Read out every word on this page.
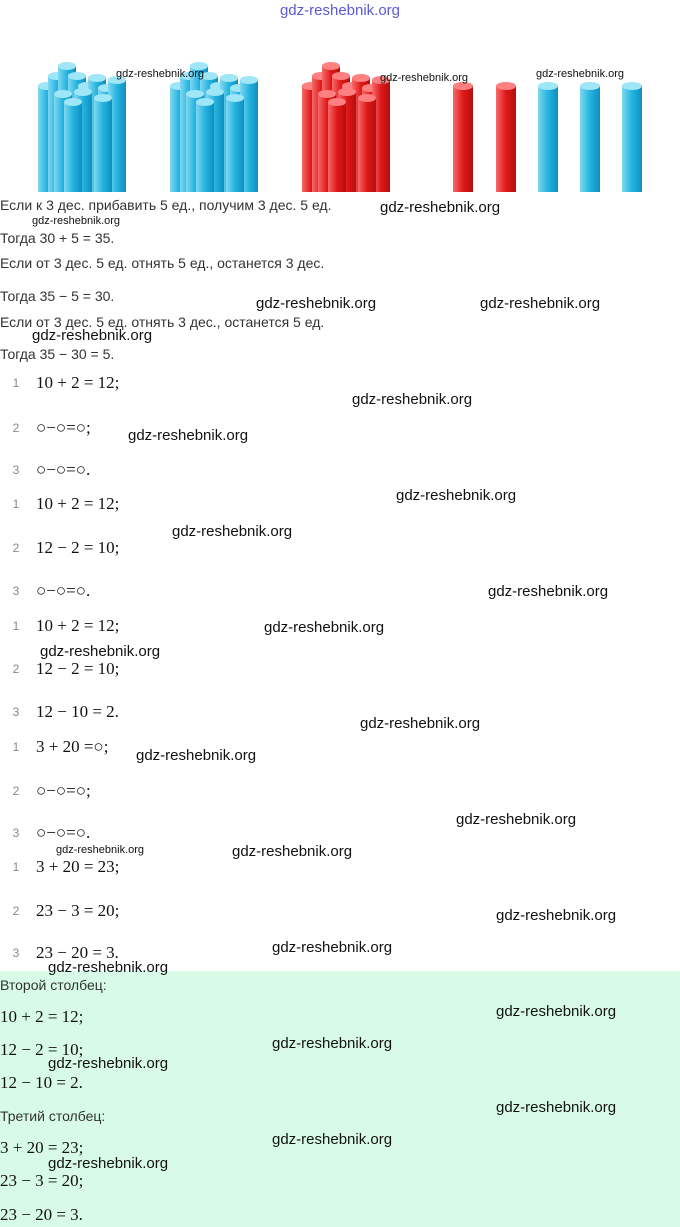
gdz-reshebnik.org
gdz-reshebnik.org	gdz-reshebnik.org	gdz-reshebnik.org
Если к 3 дес. прибавить 5 ед., получим 3 дес. 5 ед.
Тогда 30 + 5 = 35.
Если от 3 дес. 5 ед. отнять 5 ед., останется 3 дес.
Тогда 35 − 5 = 30.
Если от 3 дес. 5 ед. отнять 3 дес., останется 5 ед.
Тогда 35 − 30 = 5.
1 10 + 2 = 12;
2 ○−○=○;
3 ○−○=○.
1 10 + 2 = 12;
2 12 − 2 = 10;
3 ○−○=○.
1 10 + 2 = 12;
2 12 − 2 = 10;
3 12 − 10 = 2.
1 3 + 20 =○;
2 ○−○=○;
3 ○−○=○.
1 3 + 20 = 23;
2 23 − 3 = 20;
3 23 − 20 = 3.
Второй столбец:
10 + 2 = 12;
12 − 2 = 10;
12 − 10 = 2.
Третий столбец:
3 + 20 = 23;
23 − 3 = 20;
23 − 20 = 3.
gdz-reshebnik.org
gdz-reshebnik.org
gdz-reshebnik.org	gdz-reshebnik.org
gdz-reshebnik.org
gdz-reshebnik.org
gdz-reshebnik.org
gdz-reshebnik.org
gdz-reshebnik.org
gdz-reshebnik.org
gdz-reshebnik.org
gdz-reshebnik.org
gdz-reshebnik.org
gdz-reshebnik.org
gdz-reshebnik.org
gdz-reshebnik.org	gdz-reshebnik.org
gdz-reshebnik.org
gdz-reshebnik.org
gdz-reshebnik.org
gdz-reshebnik.org
gdz-reshebnik.org
gdz-reshebnik.org
gdz-reshebnik.org
gdz-reshebnik.org
gdz-reshebnik.org
